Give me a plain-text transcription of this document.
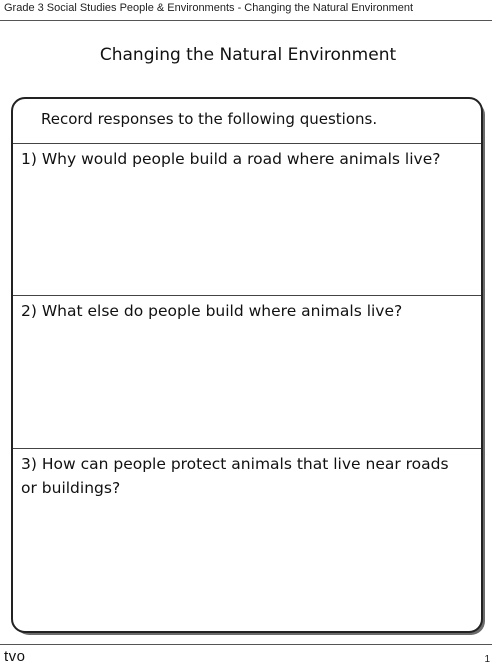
Grade 3 Social Studies People & Environments - Changing the Natural Environment
Changing the Natural Environment
Record responses to the following questions.
1) Why would people build a road where animals live?
2) What else do people build where animals live?
3) How can people protect animals that live near roads or buildings?
tvo	1
